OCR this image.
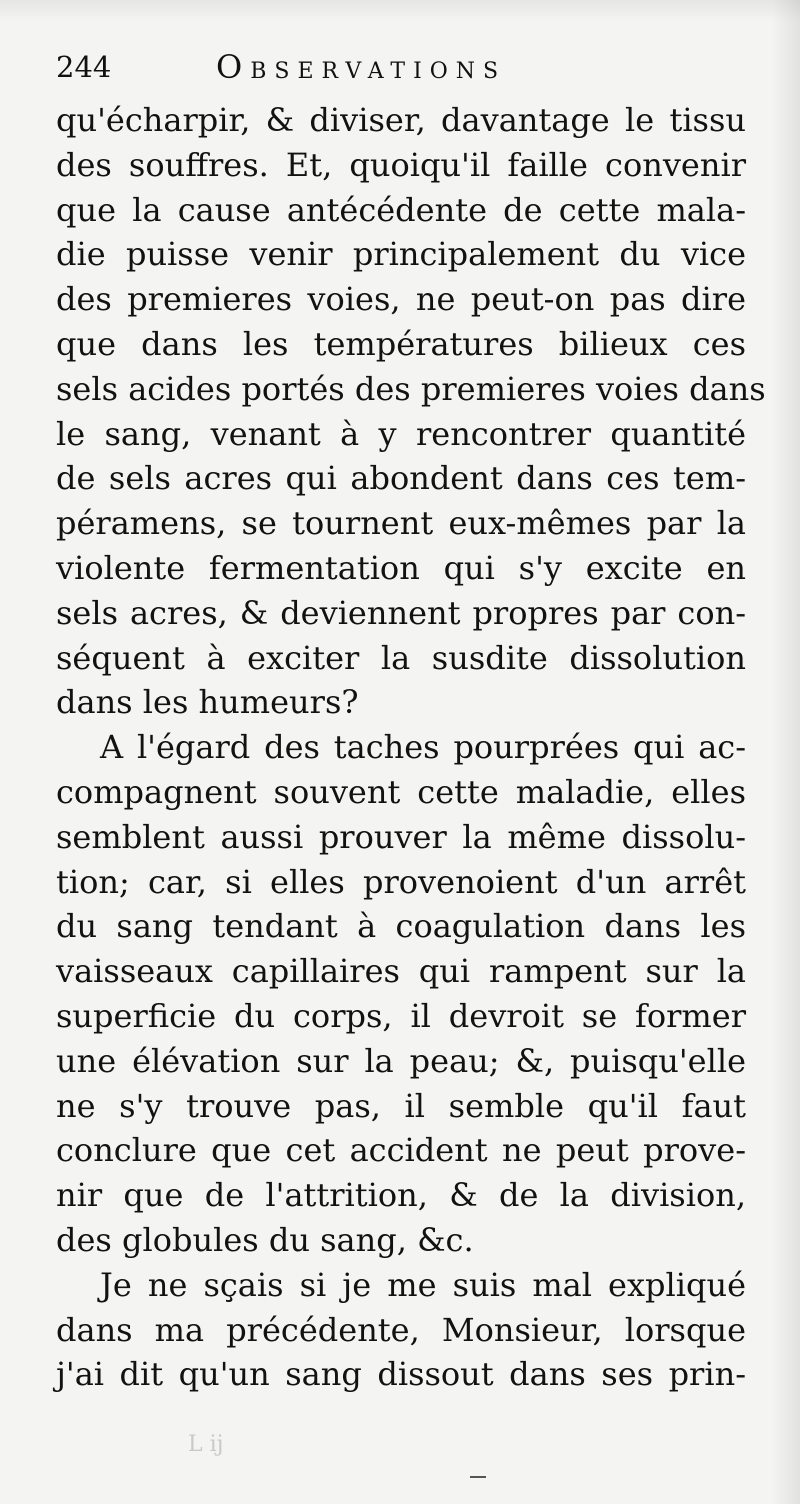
244	Observations
qu'écharpir, & diviser, davantage le tissu
des souffres. Et, quoiqu'il faille convenir
que la cause antécédente de cette mala-
die puisse venir principalement du vice
des premieres voies, ne peut-on pas dire
que dans les températures bilieux ces
sels acides portés des premieres voies dans
le sang, venant à y rencontrer quantité
de sels acres qui abondent dans ces tem-
péramens, se tournent eux-mêmes par la
violente fermentation qui s'y excite en
sels acres, & deviennent propres par con-
séquent à exciter la susdite dissolution
dans les humeurs?
A l'égard des taches pourprées qui ac-
compagnent souvent cette maladie, elles
semblent aussi prouver la même dissolu-
tion; car, si elles provenoient d'un arrêt
du sang tendant à coagulation dans les
vaisseaux capillaires qui rampent sur la
superficie du corps, il devroit se former
une élévation sur la peau; &, puisqu'elle
ne s'y trouve pas, il semble qu'il faut
conclure que cet accident ne peut prove-
nir que de l'attrition, & de la division,
des globules du sang, &c.
Je ne sçais si je me suis mal expliqué
dans ma précédente, Monsieur, lorsque
j'ai dit qu'un sang dissout dans ses prin-
L ij
